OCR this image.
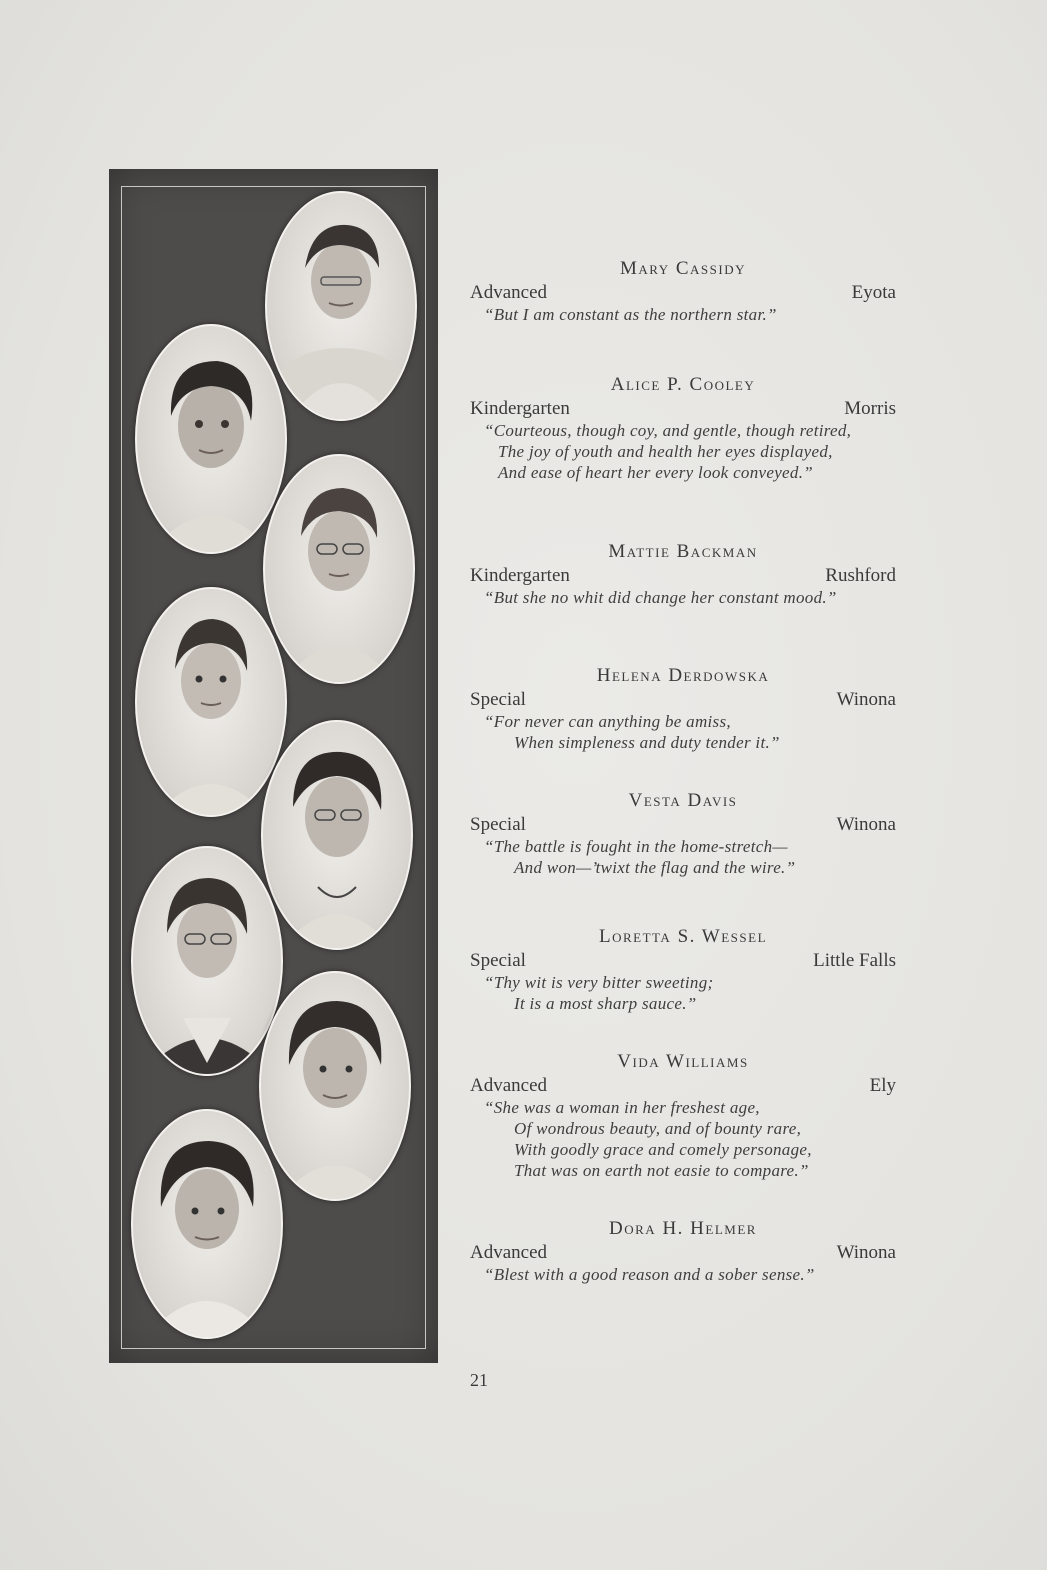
Mary Cassidy
Advanced	Eyota
“But I am constant as the northern star.”
Alice P. Cooley
Kindergarten	Morris
“Courteous, though coy, and gentle, though retired,
The joy of youth and health her eyes displayed,
And ease of heart her every look conveyed.”
Mattie Backman
Kindergarten	Rushford
“But she no whit did change her constant mood.”
Helena Derdowska
Special	Winona
“For never can anything be amiss,
When simpleness and duty tender it.”
Vesta Davis
Special	Winona
“The battle is fought in the home-stretch—
And won—’twixt the flag and the wire.”
Loretta S. Wessel
Special	Little Falls
“Thy wit is very bitter sweeting;
It is a most sharp sauce.”
Vida Williams
Advanced	Ely
“She was a woman in her freshest age,
Of wondrous beauty, and of bounty rare,
With goodly grace and comely personage,
That was on earth not easie to compare.”
Dora H. Helmer
Advanced	Winona
“Blest with a good reason and a sober sense.”
21
